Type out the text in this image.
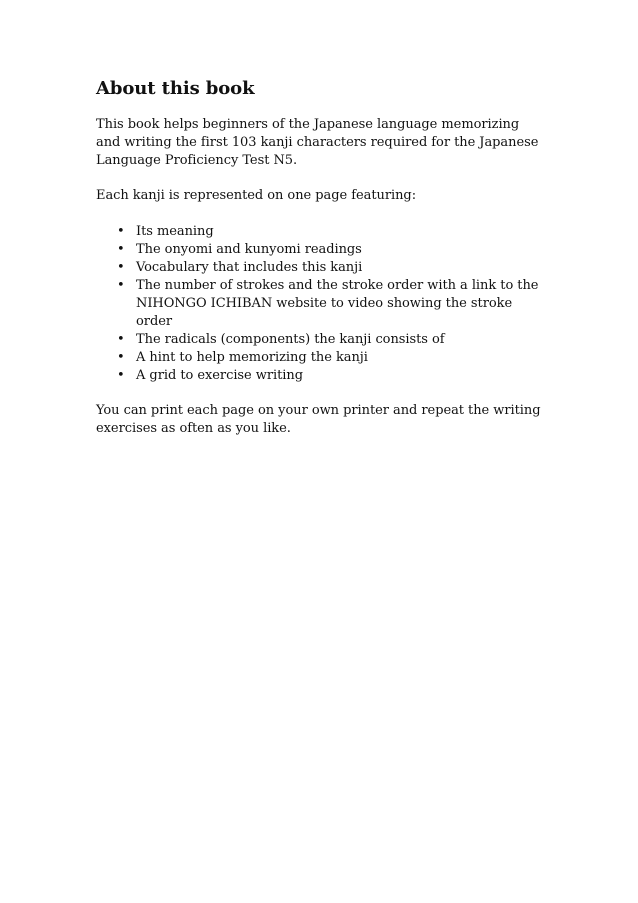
About this book

This book helps beginners of the Japanese language memorizing and writing the first 103 kanji characters required for the Japanese Language Proficiency Test N5.

Each kanji is represented on one page featuring:

• Its meaning
• The onyomi and kunyomi readings
• Vocabulary that includes this kanji
• The number of strokes and the stroke order with a link to the NIHONGO ICHIBAN website to video showing the stroke order
• The radicals (components) the kanji consists of
• A hint to help memorizing the kanji
• A grid to exercise writing

You can print each page on your own printer and repeat the writing exercises as often as you like.
